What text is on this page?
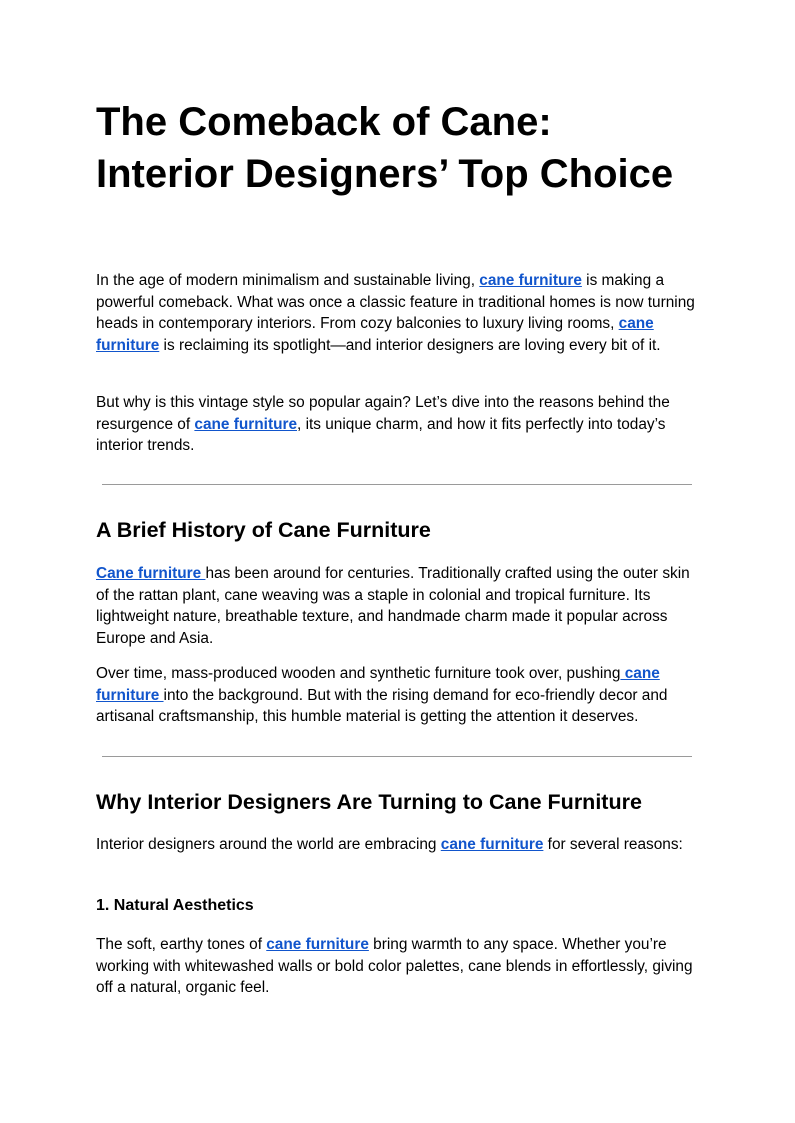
The Comeback of Cane:
Interior Designers’ Top Choice

In the age of modern minimalism and sustainable living, cane furniture is making a powerful comeback. What was once a classic feature in traditional homes is now turning heads in contemporary interiors. From cozy balconies to luxury living rooms, cane furniture is reclaiming its spotlight—and interior designers are loving every bit of it.

But why is this vintage style so popular again? Let’s dive into the reasons behind the resurgence of cane furniture, its unique charm, and how it fits perfectly into today’s interior trends.

A Brief History of Cane Furniture

Cane furniture has been around for centuries. Traditionally crafted using the outer skin of the rattan plant, cane weaving was a staple in colonial and tropical furniture. Its lightweight nature, breathable texture, and handmade charm made it popular across Europe and Asia.

Over time, mass-produced wooden and synthetic furniture took over, pushing cane furniture into the background. But with the rising demand for eco-friendly decor and artisanal craftsmanship, this humble material is getting the attention it deserves.

Why Interior Designers Are Turning to Cane Furniture

Interior designers around the world are embracing cane furniture for several reasons:

1. Natural Aesthetics

The soft, earthy tones of cane furniture bring warmth to any space. Whether you’re working with whitewashed walls or bold color palettes, cane blends in effortlessly, giving off a natural, organic feel.
